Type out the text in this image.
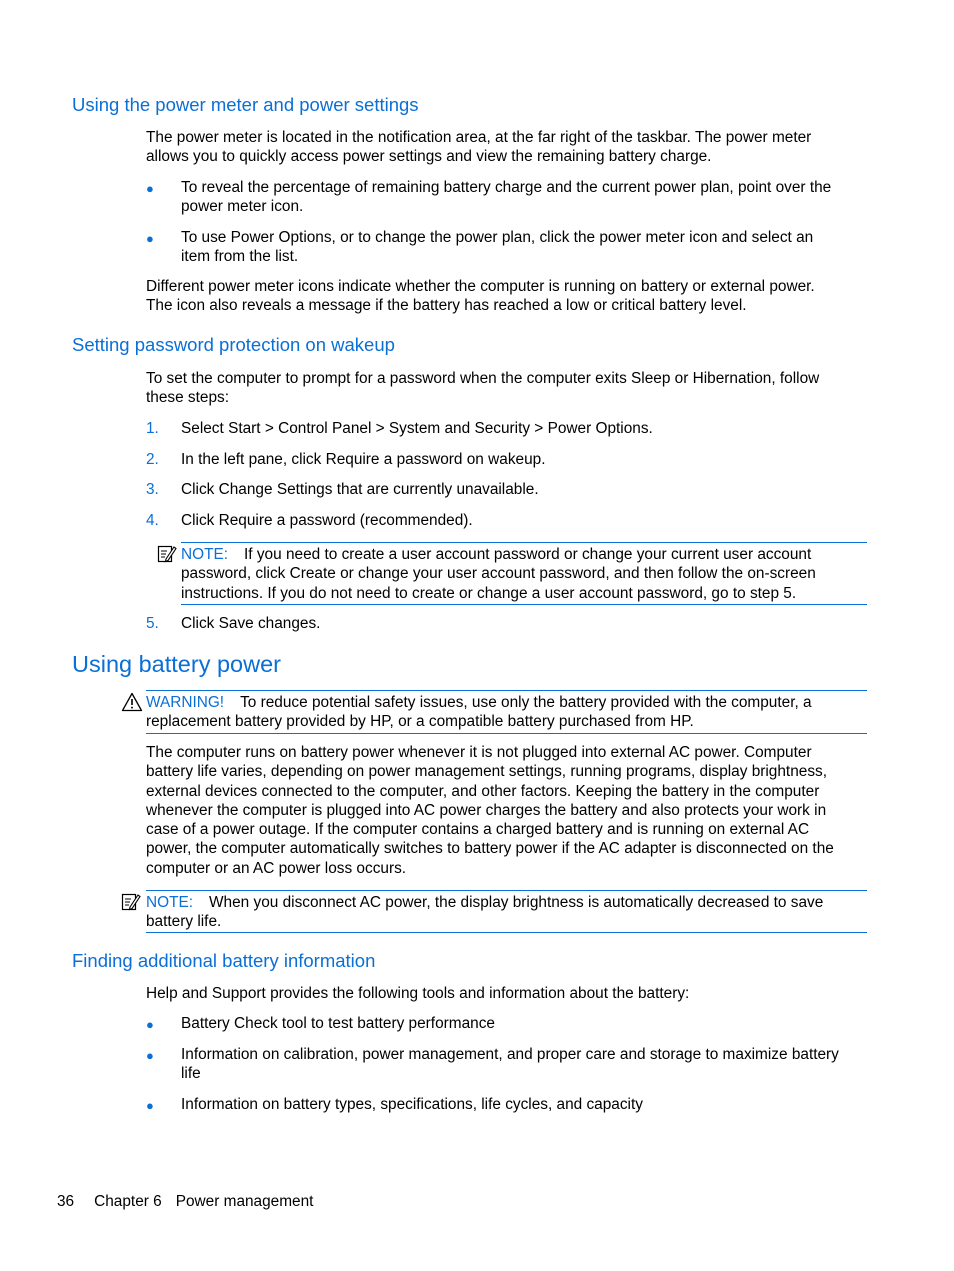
Using the power meter and power settings
The power meter is located in the notification area, at the far right of the taskbar. The power meter
allows you to quickly access power settings and view the remaining battery charge.
● To reveal the percentage of remaining battery charge and the current power plan, point over the
power meter icon.
● To use Power Options, or to change the power plan, click the power meter icon and select an
item from the list.
Different power meter icons indicate whether the computer is running on battery or external power.
The icon also reveals a message if the battery has reached a low or critical battery level.
Setting password protection on wakeup
To set the computer to prompt for a password when the computer exits Sleep or Hibernation, follow
these steps:
1. Select Start > Control Panel > System and Security > Power Options.
2. In the left pane, click Require a password on wakeup.
3. Click Change Settings that are currently unavailable.
4. Click Require a password (recommended).
NOTE: If you need to create a user account password or change your current user account
password, click Create or change your user account password, and then follow the on-screen
instructions. If you do not need to create or change a user account password, go to step 5.
5. Click Save changes.
Using battery power
WARNING! To reduce potential safety issues, use only the battery provided with the computer, a
replacement battery provided by HP, or a compatible battery purchased from HP.
The computer runs on battery power whenever it is not plugged into external AC power. Computer
battery life varies, depending on power management settings, running programs, display brightness,
external devices connected to the computer, and other factors. Keeping the battery in the computer
whenever the computer is plugged into AC power charges the battery and also protects your work in
case of a power outage. If the computer contains a charged battery and is running on external AC
power, the computer automatically switches to battery power if the AC adapter is disconnected on the
computer or an AC power loss occurs.
NOTE: When you disconnect AC power, the display brightness is automatically decreased to save
battery life.
Finding additional battery information
Help and Support provides the following tools and information about the battery:
● Battery Check tool to test battery performance
● Information on calibration, power management, and proper care and storage to maximize battery
life
● Information on battery types, specifications, life cycles, and capacity
36 Chapter 6 Power management
